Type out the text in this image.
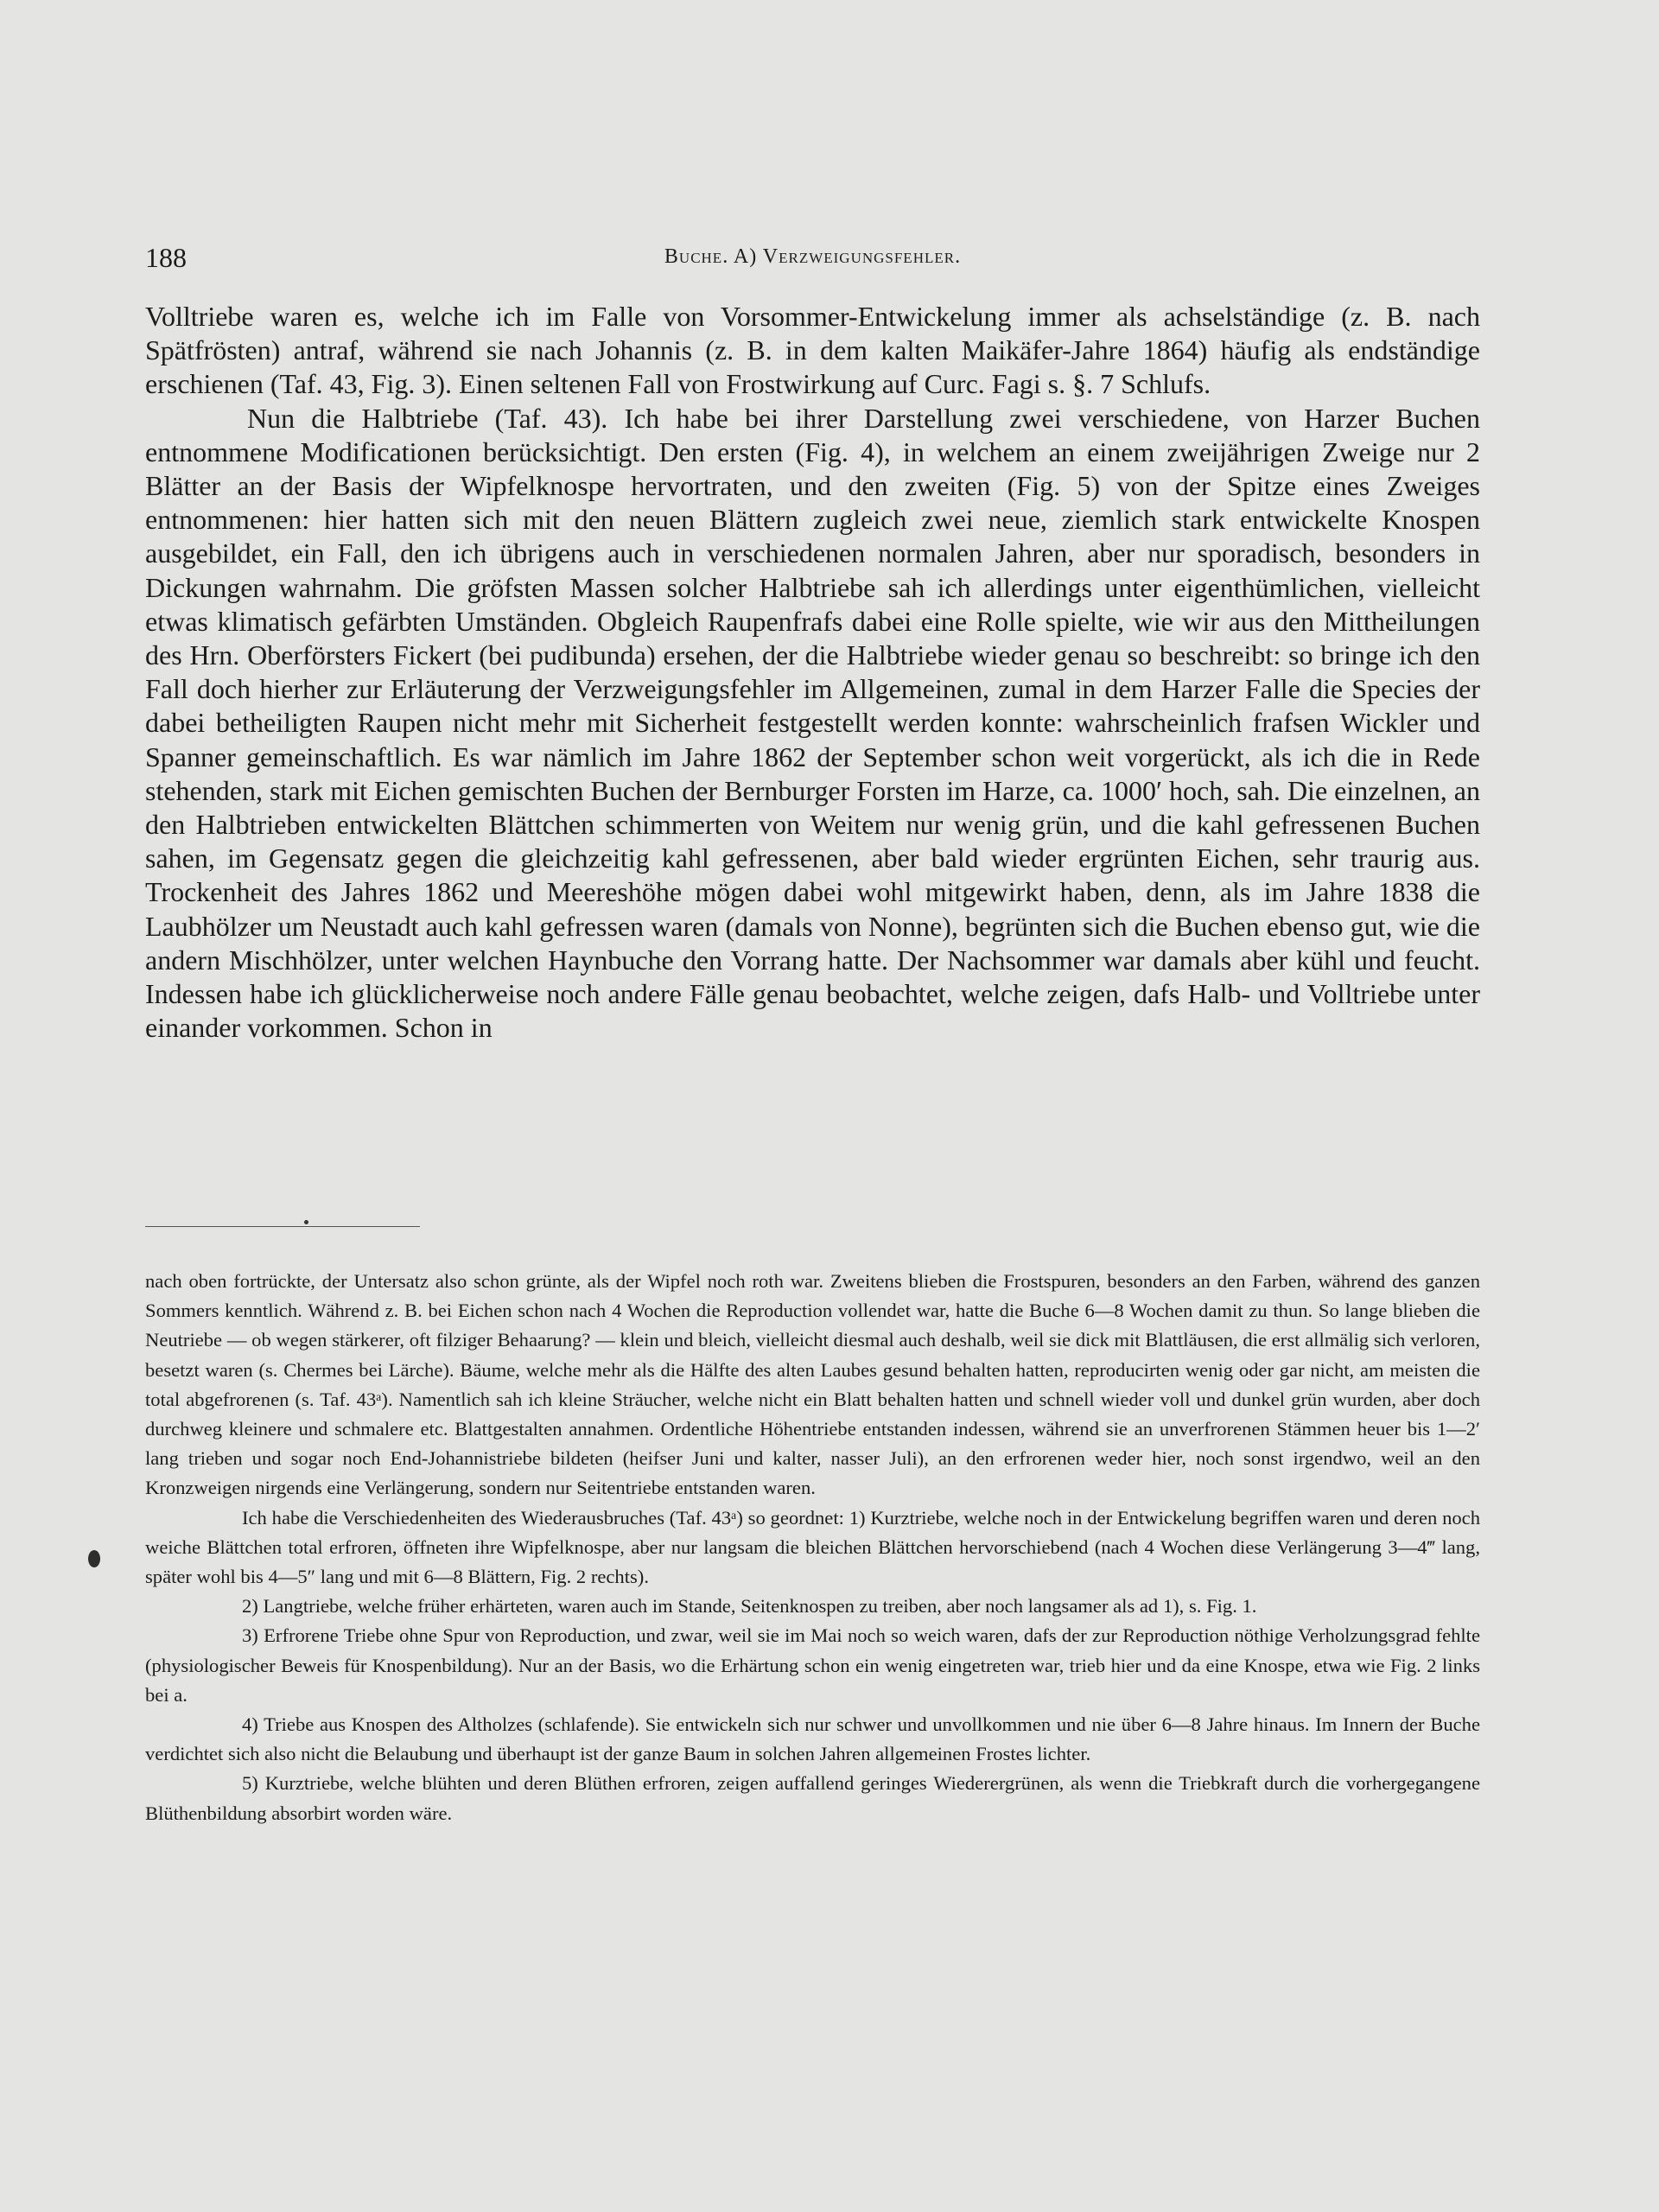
188	Buche. A) Verzweigungsfehler.

Volltriebe waren es, welche ich im Falle von Vorsommer-Entwickelung immer als achselständige (z. B. nach Spätfrösten) antraf, während sie nach Johannis (z. B. in dem kalten Maikäfer-Jahre 1864) häufig als endständige erschienen (Taf. 43, Fig. 3). Einen seltenen Fall von Frostwirkung auf Curc. Fagi s. §. 7 Schlufs.

Nun die Halbtriebe (Taf. 43). Ich habe bei ihrer Darstellung zwei verschiedene, von Harzer Buchen entnommene Modificationen berücksichtigt. Den ersten (Fig. 4), in welchem an einem zweijährigen Zweige nur 2 Blätter an der Basis der Wipfelknospe hervortraten, und den zweiten (Fig. 5) von der Spitze eines Zweiges entnommenen: hier hatten sich mit den neuen Blättern zugleich zwei neue, ziemlich stark entwickelte Knospen ausgebildet, ein Fall, den ich übrigens auch in verschiedenen normalen Jahren, aber nur sporadisch, besonders in Dickungen wahrnahm. Die gröfsten Massen solcher Halbtriebe sah ich allerdings unter eigenthümlichen, vielleicht etwas klimatisch gefärbten Umständen. Obgleich Raupenfrafs dabei eine Rolle spielte, wie wir aus den Mittheilungen des Hrn. Oberförsters Fickert (bei pudibunda) ersehen, der die Halbtriebe wieder genau so beschreibt: so bringe ich den Fall doch hierher zur Erläuterung der Verzweigungsfehler im Allgemeinen, zumal in dem Harzer Falle die Species der dabei betheiligten Raupen nicht mehr mit Sicherheit festgestellt werden konnte: wahrscheinlich frafsen Wickler und Spanner gemeinschaftlich. Es war nämlich im Jahre 1862 der September schon weit vorgerückt, als ich die in Rede stehenden, stark mit Eichen gemischten Buchen der Bernburger Forsten im Harze, ca. 1000′ hoch, sah. Die einzelnen, an den Halbtrieben entwickelten Blättchen schimmerten von Weitem nur wenig grün, und die kahl gefressenen Buchen sahen, im Gegensatz gegen die gleichzeitig kahl gefressenen, aber bald wieder ergrünten Eichen, sehr traurig aus. Trockenheit des Jahres 1862 und Meereshöhe mögen dabei wohl mitgewirkt haben, denn, als im Jahre 1838 die Laubhölzer um Neustadt auch kahl gefressen waren (damals von Nonne), begrünten sich die Buchen ebenso gut, wie die andern Mischhölzer, unter welchen Haynbuche den Vorrang hatte. Der Nachsommer war damals aber kühl und feucht. Indessen habe ich glücklicherweise noch andere Fälle genau beobachtet, welche zeigen, dafs Halb- und Volltriebe unter einander vorkommen. Schon in

nach oben fortrückte, der Untersatz also schon grünte, als der Wipfel noch roth war. Zweitens blieben die Frostspuren, besonders an den Farben, während des ganzen Sommers kenntlich. Während z. B. bei Eichen schon nach 4 Wochen die Reproduction vollendet war, hatte die Buche 6—8 Wochen damit zu thun. So lange blieben die Neutriebe — ob wegen stärkerer, oft filziger Behaarung? — klein und bleich, vielleicht diesmal auch deshalb, weil sie dick mit Blattläusen, die erst allmälig sich verloren, besetzt waren (s. Chermes bei Lärche). Bäume, welche mehr als die Hälfte des alten Laubes gesund behalten hatten, reproducirten wenig oder gar nicht, am meisten die total abgefrorenen (s. Taf. 43ᵃ). Namentlich sah ich kleine Sträucher, welche nicht ein Blatt behalten hatten und schnell wieder voll und dunkel grün wurden, aber doch durchweg kleinere und schmalere etc. Blattgestalten annahmen. Ordentliche Höhentriebe entstanden indessen, während sie an unverfrorenen Stämmen heuer bis 1—2′ lang trieben und sogar noch End-Johannistriebe bildeten (heifser Juni und kalter, nasser Juli), an den erfrorenen weder hier, noch sonst irgendwo, weil an den Kronzweigen nirgends eine Verlängerung, sondern nur Seitentriebe entstanden waren.

Ich habe die Verschiedenheiten des Wiederausbruches (Taf. 43ᵃ) so geordnet: 1) Kurztriebe, welche noch in der Entwickelung begriffen waren und deren noch weiche Blättchen total erfroren, öffneten ihre Wipfelknospe, aber nur langsam die bleichen Blättchen hervorschiebend (nach 4 Wochen diese Verlängerung 3—4‴ lang, später wohl bis 4—5″ lang und mit 6—8 Blättern, Fig. 2 rechts).

2) Langtriebe, welche früher erhärteten, waren auch im Stande, Seitenknospen zu treiben, aber noch langsamer als ad 1), s. Fig. 1.

3) Erfrorene Triebe ohne Spur von Reproduction, und zwar, weil sie im Mai noch so weich waren, dafs der zur Reproduction nöthige Verholzungsgrad fehlte (physiologischer Beweis für Knospenbildung). Nur an der Basis, wo die Erhärtung schon ein wenig eingetreten war, trieb hier und da eine Knospe, etwa wie Fig. 2 links bei a.

4) Triebe aus Knospen des Altholzes (schlafende). Sie entwickeln sich nur schwer und unvollkommen und nie über 6—8 Jahre hinaus. Im Innern der Buche verdichtet sich also nicht die Belaubung und überhaupt ist der ganze Baum in solchen Jahren allgemeinen Frostes lichter.

5) Kurztriebe, welche blühten und deren Blüthen erfroren, zeigen auffallend geringes Wiederergrünen, als wenn die Triebkraft durch die vorhergegangene Blüthenbildung absorbirt worden wäre.
